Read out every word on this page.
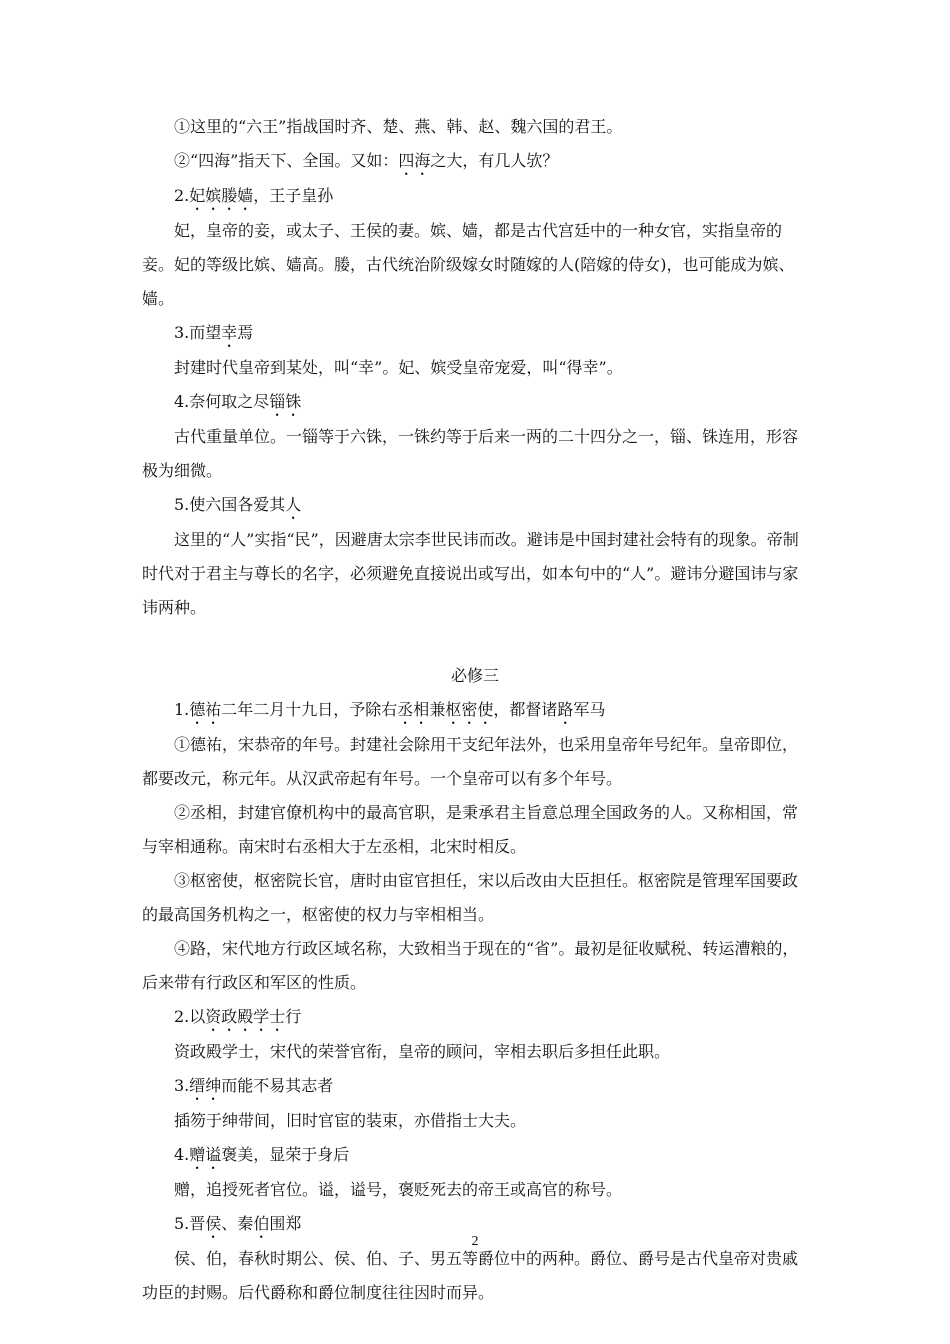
①这里的“六王”指战国时齐、楚、燕、韩、赵、魏六国的君王。

②“四海”指天下、全国。又如：四海之大，有几人欤？

2.妃嫔媵嫱，王子皇孙

妃，皇帝的妾，或太子、王侯的妻。嫔、嫱，都是古代宫廷中的一种女官，实指皇帝的妾。妃的等级比嫔、嫱高。媵，古代统治阶级嫁女时随嫁的人(陪嫁的侍女)，也可能成为嫔、嫱。

3.而望幸焉

封建时代皇帝到某处，叫“幸”。妃、嫔受皇帝宠爱，叫“得幸”。

4.奈何取之尽锱铢

古代重量单位。一锱等于六铢，一铢约等于后来一两的二十四分之一，锱、铢连用，形容极为细微。

5.使六国各爱其人

这里的“人”实指“民”，因避唐太宗李世民讳而改。避讳是中国封建社会特有的现象。帝制时代对于君主与尊长的名字，必须避免直接说出或写出，如本句中的“人”。避讳分避国讳与家讳两种。

必修三

1.德祐二年二月十九日，予除右丞相兼枢密使，都督诸路军马

①德祐，宋恭帝的年号。封建社会除用干支纪年法外，也采用皇帝年号纪年。皇帝即位，都要改元，称元年。从汉武帝起有年号。一个皇帝可以有多个年号。

②丞相，封建官僚机构中的最高官职，是秉承君主旨意总理全国政务的人。又称相国，常与宰相通称。南宋时右丞相大于左丞相，北宋时相反。

③枢密使，枢密院长官，唐时由宦官担任，宋以后改由大臣担任。枢密院是管理军国要政的最高国务机构之一，枢密使的权力与宰相相当。

④路，宋代地方行政区域名称，大致相当于现在的“省”。最初是征收赋税、转运漕粮的，后来带有行政区和军区的性质。

2.以资政殿学士行

资政殿学士，宋代的荣誉官衔，皇帝的顾问，宰相去职后多担任此职。

3.缙绅而能不易其志者

插笏于绅带间，旧时官宦的装束，亦借指士大夫。

4.赠谥褒美，显荣于身后

赠，追授死者官位。谥，谥号，褒贬死去的帝王或高官的称号。

5.晋侯、秦伯围郑

侯、伯，春秋时期公、侯、伯、子、男五等爵位中的两种。爵位、爵号是古代皇帝对贵戚功臣的封赐。后代爵称和爵位制度往往因时而异。

2
